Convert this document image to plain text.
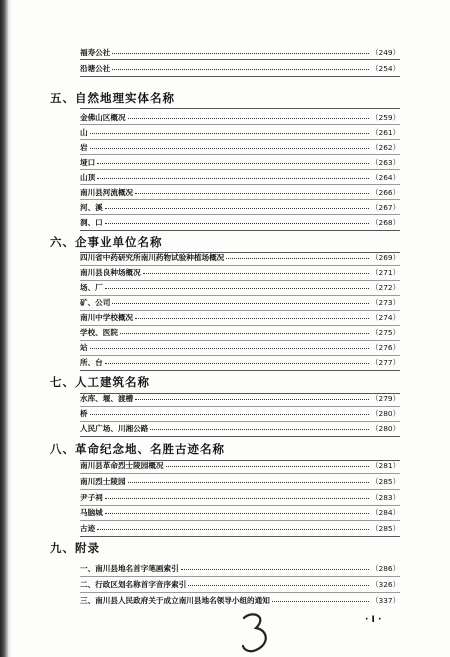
福寿公社	（249）
沿塘公社	（254）
五、自然地理实体名称
金佛山区概况	（259）
山	（261）
岩	（262）
垭口	（263）
山顶	（264）
南川县河流概况	（266）
河、溪	（267）
洞、口	（268）
六、企事业单位名称
四川省中药研究所南川药物试验种植场概况	（269）
南川县良种场概况	（271）
场、厂	（272）
矿、公司	（273）
南川中学校概况	（274）
学校、医院	（275）
站	（276）
所、台	（277）
七、人工建筑名称
水库、堰、渡槽	（279）
桥	（280）
人民广场、川湘公路	（280）
八、革命纪念地、名胜古迹名称
南川县革命烈士陵园概况	（281）
南川烈士陵园	（285）
尹子祠	（283）
马脑城	（284）
古迹	（285）
九、附录
一、南川县地名首字笔画索引	（286）
二、行政区划名称首字音序索引	（326）
三、南川县人民政府关于成立南川县地名领导小组的通知	（337）
· Ⅰ ·
